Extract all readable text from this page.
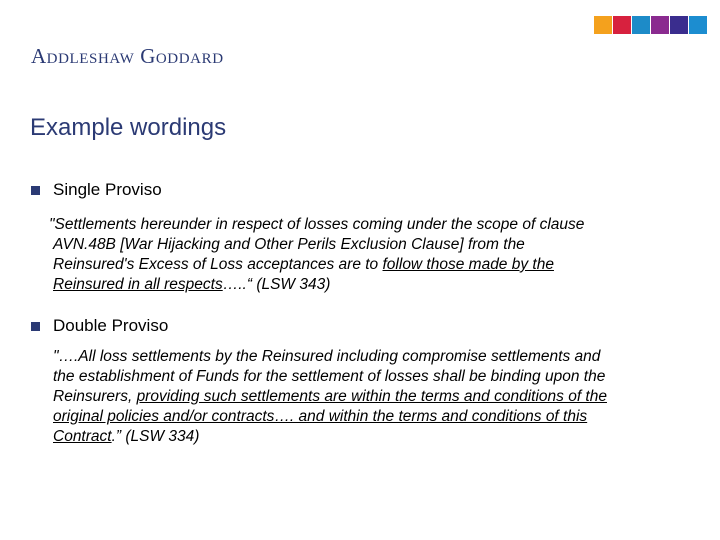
ADDLESHAW GODDARD
Example wordings
Single Proviso
"Settlements hereunder in respect of losses coming under the scope of clause
AVN.48B [War Hijacking and Other Perils Exclusion Clause] from the
Reinsured's Excess of Loss acceptances are to follow those made by the
Reinsured in all respects…..“ (LSW 343)
Double Proviso
"….All loss settlements by the Reinsured including compromise settlements and
the establishment of Funds for the settlement of losses shall be binding upon the
Reinsurers, providing such settlements are within the terms and conditions of the
original policies and/or contracts…. and within the terms and conditions of this
Contract.” (LSW 334)
